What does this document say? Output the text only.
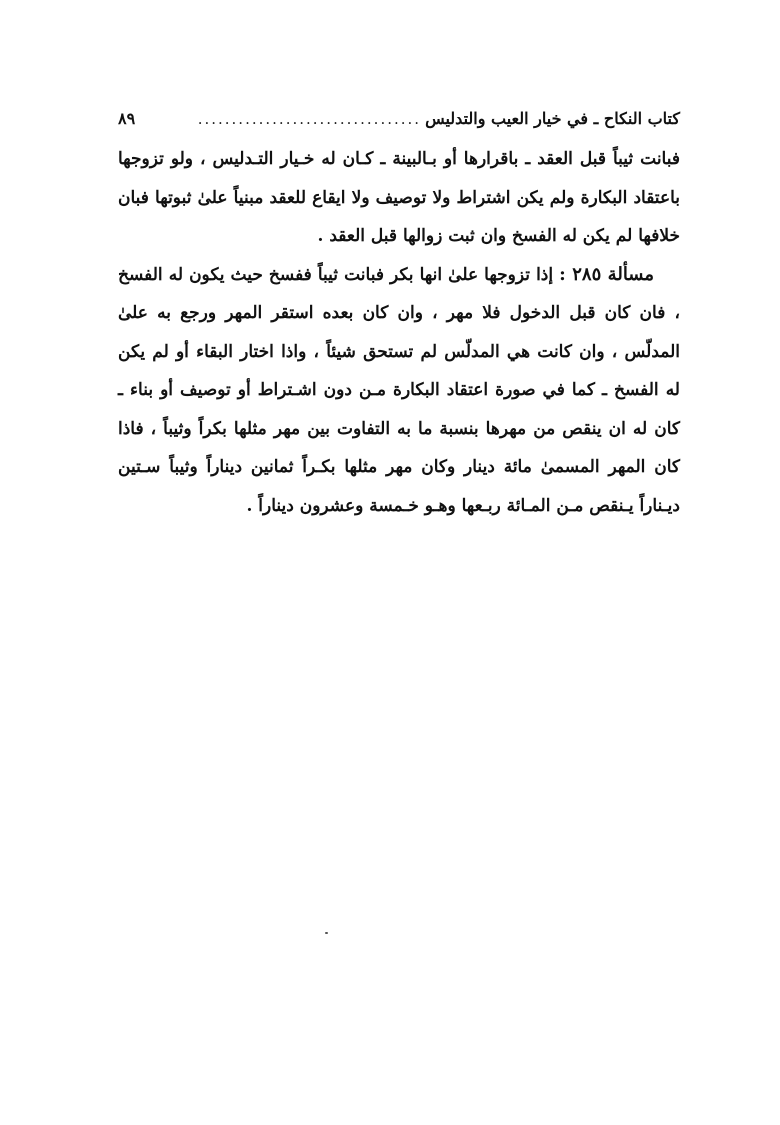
كتاب النكاح ـ في خيار العيب والتدليس
.................................
٨٩

فبانت ثيباً قبل العقد ـ باقرارها أو بـالبينة ـ كـان له خـيار التـدليس ، ولو تزوجها باعتقاد البكارة ولم يكن اشتراط ولا توصيف ولا ايقاع للعقد مبنياً علىٰ ثبوتها فبان خلافها لم يكن له الفسخ وان ثبت زوالها قبل العقد .

مسألة ٢٨٥ : إذا تزوجها علىٰ انها بكر فبانت ثيباً ففسخ حيث يكون له الفسخ ، فان كان قبل الدخول فلا مهر ، وان كان بعده استقر المهر ورجع به علىٰ المدلّس ، وان كانت هي المدلّس لم تستحق شيئاً ، واذا اختار البقاء أو لم يكن له الفسخ ـ كما في صورة اعتقاد البكارة مـن دون اشـتراط أو توصيف أو بناء ـ كان له ان ينقص من مهرها بنسبة ما به التفاوت بين مهر مثلها بكراً وثيباً ، فاذا كان المهر المسمىٰ مائة دينار وكان مهر مثلها بكـراً ثمانين ديناراً وثيباً سـتين ديـناراً يـنقص مـن المـائة ربـعها وهـو خـمسة وعشرون ديناراً .
